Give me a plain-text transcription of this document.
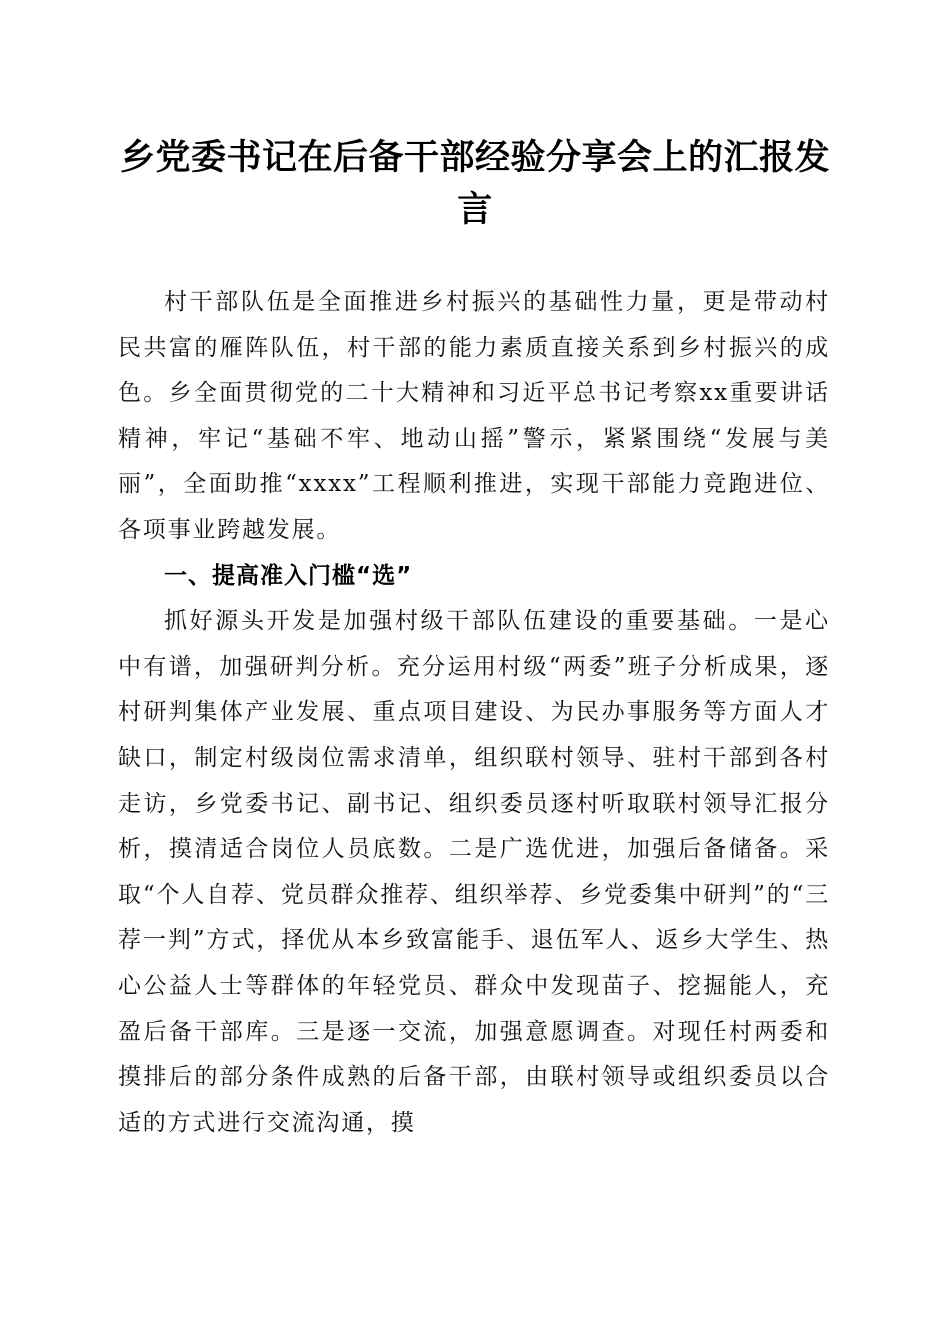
乡党委书记在后备干部经验分享会上的汇报发言

村干部队伍是全面推进乡村振兴的基础性力量，更是带动村民共富的雁阵队伍，村干部的能力素质直接关系到乡村振兴的成色。乡全面贯彻党的二十大精神和习近平总书记考察xx重要讲话精神，牢记“基础不牢、地动山摇”警示，紧紧围绕“发展与美丽”，全面助推“xxxx”工程顺利推进，实现干部能力竞跑进位、各项事业跨越发展。

一、提高准入门槛“选”

抓好源头开发是加强村级干部队伍建设的重要基础。一是心中有谱，加强研判分析。充分运用村级“两委”班子分析成果，逐村研判集体产业发展、重点项目建设、为民办事服务等方面人才缺口，制定村级岗位需求清单，组织联村领导、驻村干部到各村走访，乡党委书记、副书记、组织委员逐村听取联村领导汇报分析，摸清适合岗位人员底数。二是广选优进，加强后备储备。采取“个人自荐、党员群众推荐、组织举荐、乡党委集中研判”的“三荐一判”方式，择优从本乡致富能手、退伍军人、返乡大学生、热心公益人士等群体的年轻党员、群众中发现苗子、挖掘能人，充盈后备干部库。三是逐一交流，加强意愿调查。对现任村两委和摸排后的部分条件成熟的后备干部，由联村领导或组织委员以合适的方式进行交流沟通，摸
